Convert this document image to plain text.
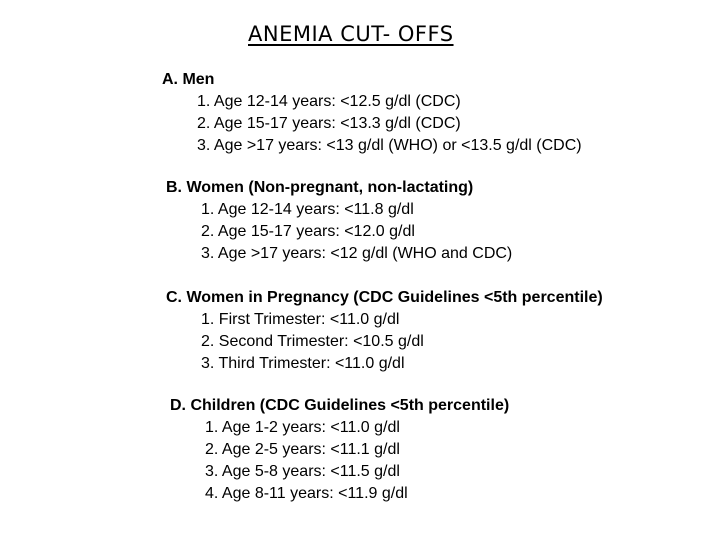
ANEMIA CUT- OFFS
A. Men
1. Age 12-14 years: <12.5 g/dl (CDC)
2. Age 15-17 years: <13.3 g/dl (CDC)
3. Age >17 years: <13 g/dl (WHO) or <13.5 g/dl (CDC)
B. Women (Non-pregnant, non-lactating)
1. Age 12-14 years: <11.8 g/dl
2. Age 15-17 years: <12.0 g/dl
3. Age >17 years: <12 g/dl (WHO and CDC)
C. Women in Pregnancy (CDC Guidelines <5th percentile)
1. First Trimester: <11.0 g/dl
2. Second Trimester: <10.5 g/dl
3. Third Trimester: <11.0 g/dl
D. Children (CDC Guidelines <5th percentile)
1. Age 1-2 years: <11.0 g/dl
2. Age 2-5 years: <11.1 g/dl
3. Age 5-8 years: <11.5 g/dl
4. Age 8-11 years: <11.9 g/dl
